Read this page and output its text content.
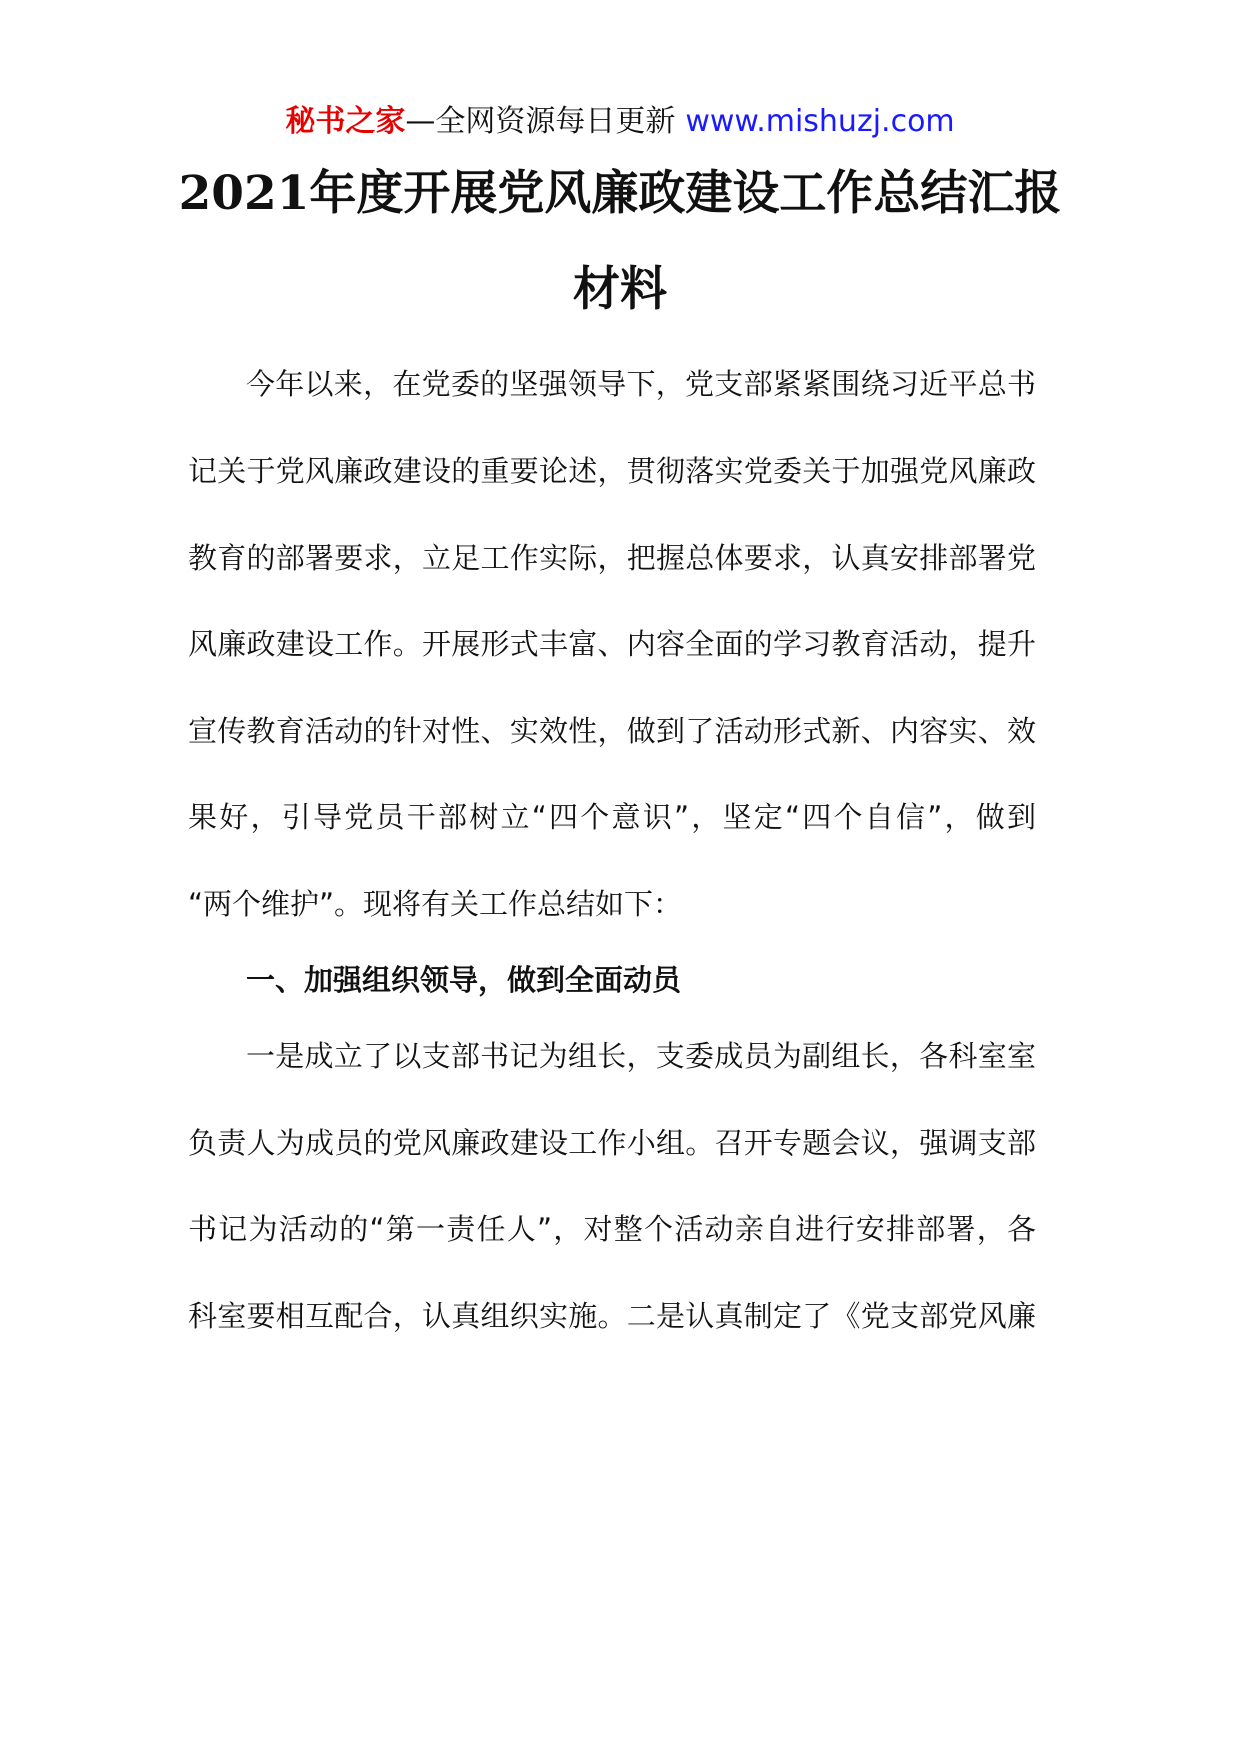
秘书之家—全网资源每日更新 www.mishuzj.com
2021年度开展党风廉政建设工作总结汇报
材料
今年以来，在党委的坚强领导下，党支部紧紧围绕习近平总书
记关于党风廉政建设的重要论述，贯彻落实党委关于加强党风廉政
教育的部署要求，立足工作实际，把握总体要求，认真安排部署党
风廉政建设工作。开展形式丰富、内容全面的学习教育活动，提升
宣传教育活动的针对性、实效性，做到了活动形式新、内容实、效
果好，引导党员干部树立“四个意识”，坚定“四个自信”，做到
“两个维护”。现将有关工作总结如下：
一、加强组织领导，做到全面动员
一是成立了以支部书记为组长，支委成员为副组长，各科室室
负责人为成员的党风廉政建设工作小组。召开专题会议，强调支部
书记为活动的“第一责任人”，对整个活动亲自进行安排部署，各
科室要相互配合，认真组织实施。二是认真制定了《党支部党风廉
